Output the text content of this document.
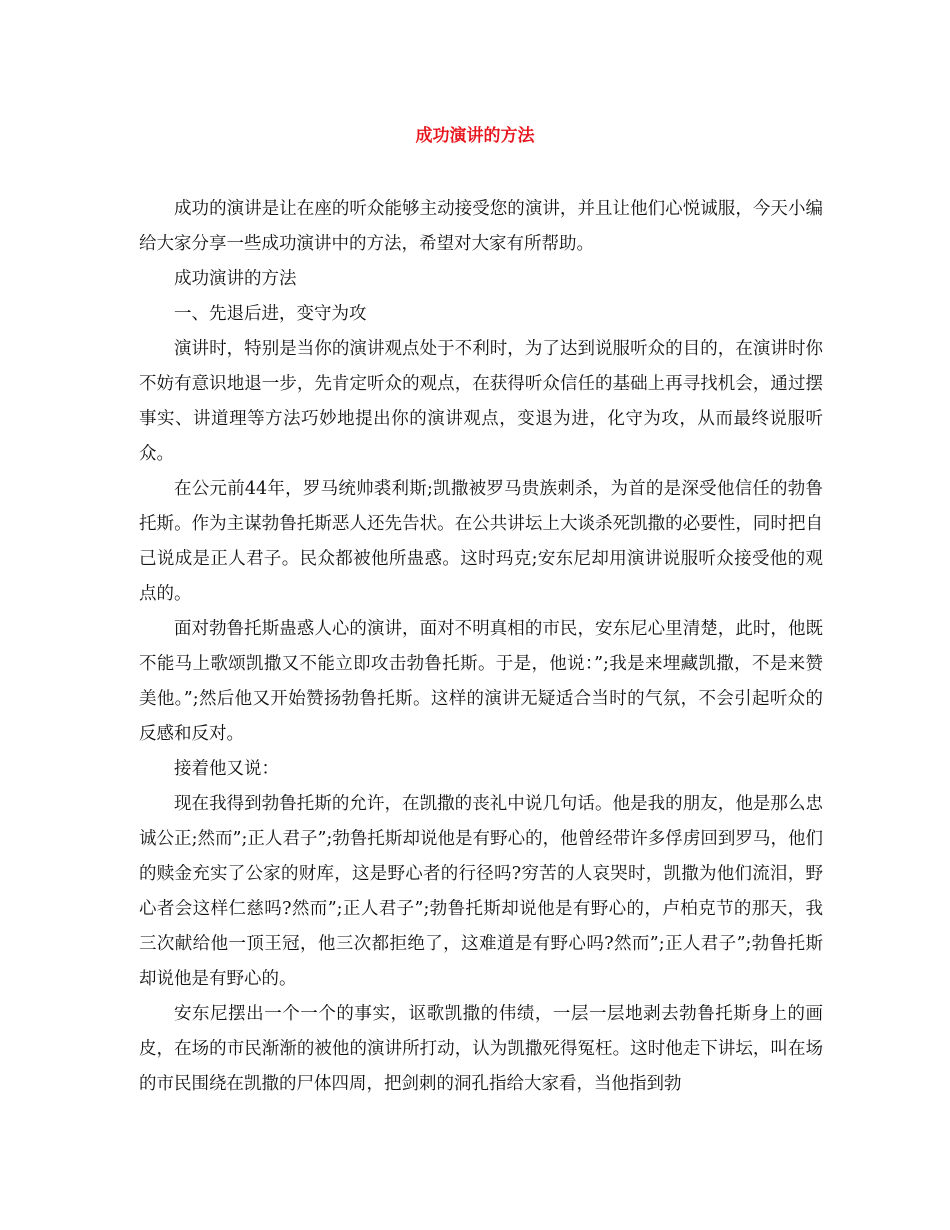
成功演讲的方法

成功的演讲是让在座的听众能够主动接受您的演讲，并且让他们心悦诚服，今天小编给大家分享一些成功演讲中的方法，希望对大家有所帮助。

成功演讲的方法

一、先退后进，变守为攻

演讲时，特别是当你的演讲观点处于不利时，为了达到说服听众的目的，在演讲时你不妨有意识地退一步，先肯定听众的观点，在获得听众信任的基础上再寻找机会，通过摆事实、讲道理等方法巧妙地提出你的演讲观点，变退为进，化守为攻，从而最终说服听众。

在公元前44年，罗马统帅裘利斯;凯撒被罗马贵族刺杀，为首的是深受他信任的勃鲁托斯。作为主谋勃鲁托斯恶人还先告状。在公共讲坛上大谈杀死凯撒的必要性，同时把自己说成是正人君子。民众都被他所蛊惑。这时玛克;安东尼却用演讲说服听众接受他的观点的。

面对勃鲁托斯蛊惑人心的演讲，面对不明真相的市民，安东尼心里清楚，此时，他既不能马上歌颂凯撒又不能立即攻击勃鲁托斯。于是，他说：”;我是来埋藏凯撒，不是来赞美他。”;然后他又开始赞扬勃鲁托斯。这样的演讲无疑适合当时的气氛，不会引起听众的反感和反对。

接着他又说：

现在我得到勃鲁托斯的允许，在凯撒的丧礼中说几句话。他是我的朋友，他是那么忠诚公正;然而”;正人君子”;勃鲁托斯却说他是有野心的，他曾经带许多俘虏回到罗马，他们的赎金充实了公家的财库，这是野心者的行径吗?穷苦的人哀哭时，凯撒为他们流泪，野心者会这样仁慈吗?然而”;正人君子”;勃鲁托斯却说他是有野心的，卢柏克节的那天，我三次献给他一顶王冠，他三次都拒绝了，这难道是有野心吗?然而”;正人君子”;勃鲁托斯却说他是有野心的。

安东尼摆出一个一个的事实，讴歌凯撒的伟绩，一层一层地剥去勃鲁托斯身上的画皮，在场的市民渐渐的被他的演讲所打动，认为凯撒死得冤枉。这时他走下讲坛，叫在场的市民围绕在凯撒的尸体四周，把剑刺的洞孔指给大家看，当他指到勃
